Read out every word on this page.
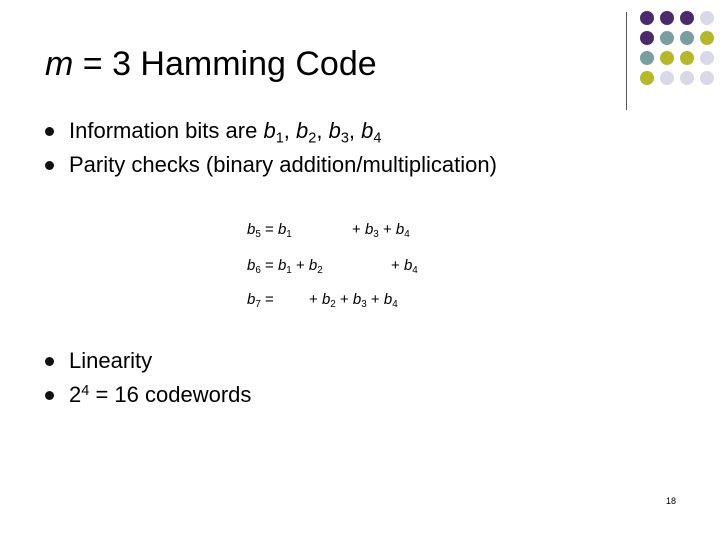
m = 3 Hamming Code
Information bits are $b_1$, $b_2$, $b_3$, $b_4$
Parity checks (binary addition/multiplication)
$b_5 = b_1$	+ $b_3 + b_4$
$b_6 = b_1 + b_2$	+ $b_4$
$b_7$ = + $b_2 + b_3 + b_4$
Linearity
$2^4 = 16$ codewords
18
